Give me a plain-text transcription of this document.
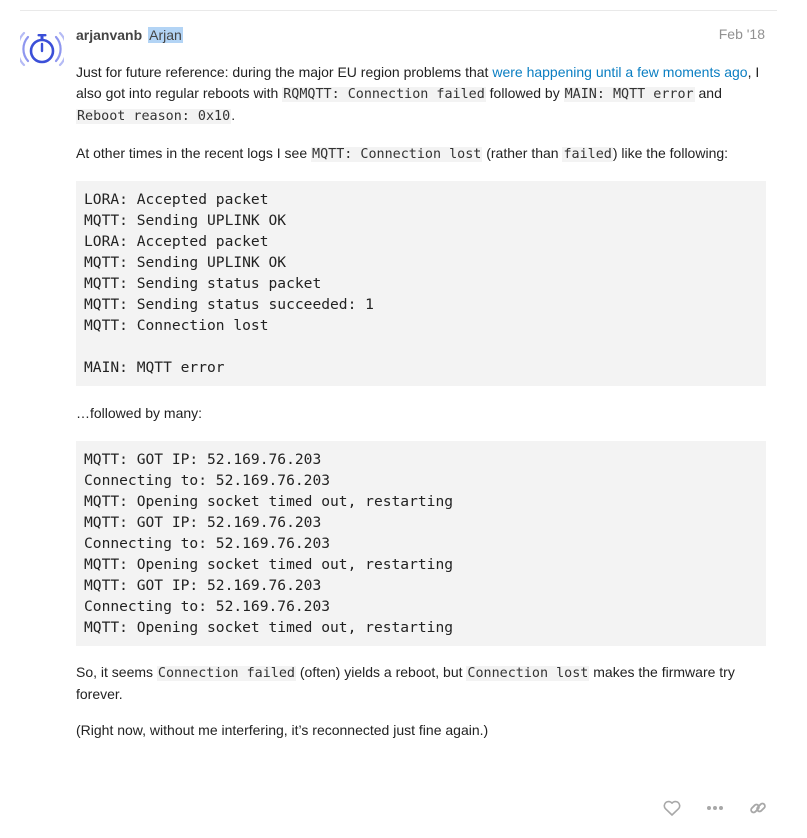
arjanvanb Arjan	Feb '18

Just for future reference: during the major EU region problems that were happening until a few moments ago, I also got into regular reboots with RQMQTT: Connection failed followed by MAIN: MQTT error and Reboot reason: 0x10.

At other times in the recent logs I see MQTT: Connection lost (rather than failed) like the following:

LORA: Accepted packet
MQTT: Sending UPLINK OK
LORA: Accepted packet
MQTT: Sending UPLINK OK
MQTT: Sending status packet
MQTT: Sending status succeeded: 1
MQTT: Connection lost

MAIN: MQTT error

…followed by many:

MQTT: GOT IP: 52.169.76.203
Connecting to: 52.169.76.203
MQTT: Opening socket timed out, restarting
MQTT: GOT IP: 52.169.76.203
Connecting to: 52.169.76.203
MQTT: Opening socket timed out, restarting
MQTT: GOT IP: 52.169.76.203
Connecting to: 52.169.76.203
MQTT: Opening socket timed out, restarting

So, it seems Connection failed (often) yields a reboot, but Connection lost makes the firmware try forever.

(Right now, without me interfering, it’s reconnected just fine again.)
